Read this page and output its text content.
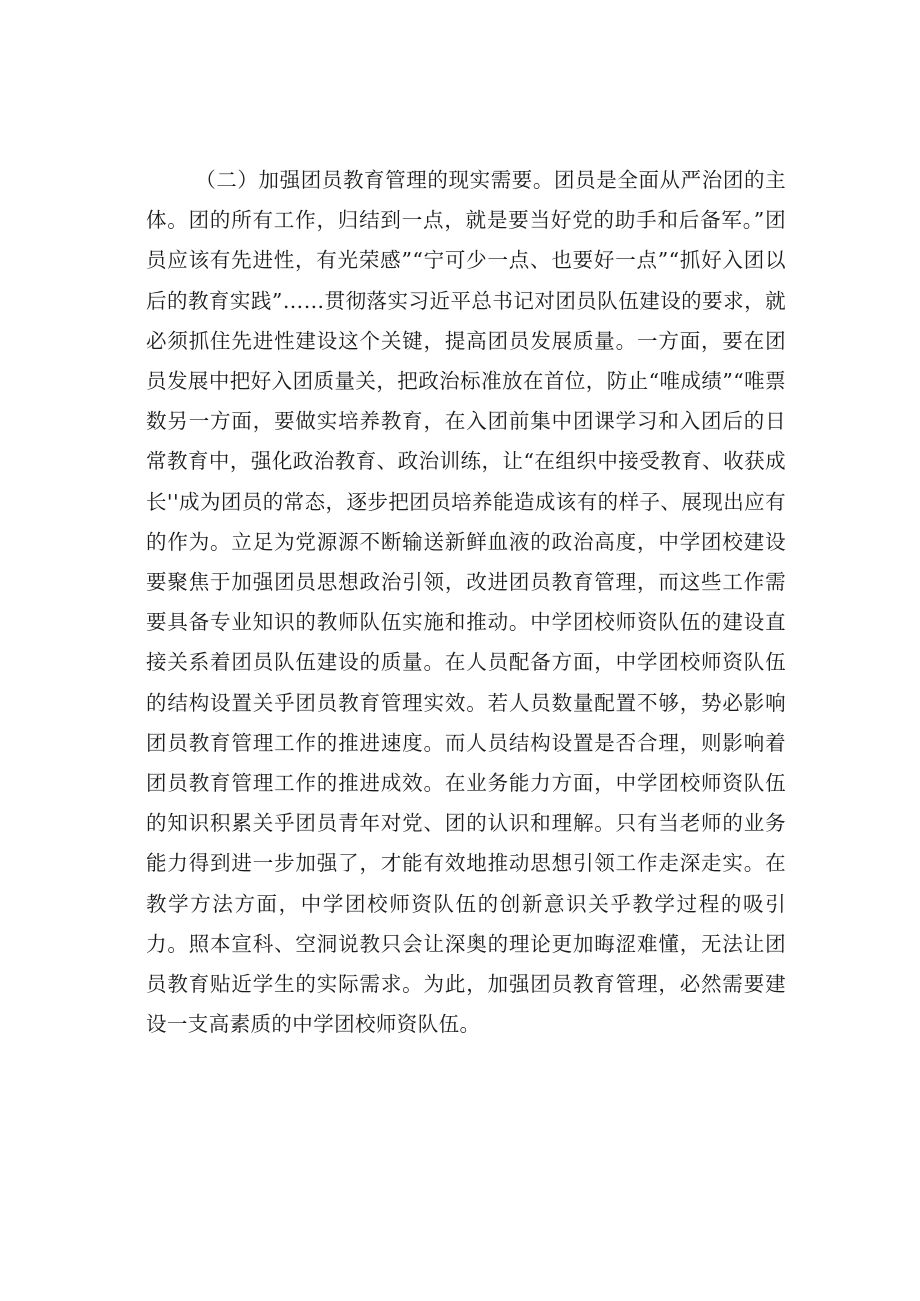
（二）加强团员教育管理的现实需要。团员是全面从严治团的主体。团的所有工作，归结到一点，就是要当好党的助手和后备军。”团员应该有先进性，有光荣感”“宁可少一点、也要好一点”“抓好入团以后的教育实践”……贯彻落实习近平总书记对团员队伍建设的要求，就必须抓住先进性建设这个关键，提高团员发展质量。一方面，要在团员发展中把好入团质量关，把政治标准放在首位，防止“唯成绩”“唯票数另一方面，要做实培养教育，在入团前集中团课学习和入团后的日常教育中，强化政治教育、政治训练，让“在组织中接受教育、收获成长''成为团员的常态，逐步把团员培养能造成该有的样子、展现出应有的作为。立足为党源源不断输送新鲜血液的政治高度，中学团校建设要聚焦于加强团员思想政治引领，改进团员教育管理，而这些工作需要具备专业知识的教师队伍实施和推动。中学团校师资队伍的建设直接关系着团员队伍建设的质量。在人员配备方面，中学团校师资队伍的结构设置关乎团员教育管理实效。若人员数量配置不够，势必影响团员教育管理工作的推进速度。而人员结构设置是否合理，则影响着团员教育管理工作的推进成效。在业务能力方面，中学团校师资队伍的知识积累关乎团员青年对党、团的认识和理解。只有当老师的业务能力得到进一步加强了，才能有效地推动思想引领工作走深走实。在教学方法方面，中学团校师资队伍的创新意识关乎教学过程的吸引力。照本宣科、空洞说教只会让深奥的理论更加晦涩难懂，无法让团员教育贴近学生的实际需求。为此，加强团员教育管理，必然需要建设一支高素质的中学团校师资队伍。
